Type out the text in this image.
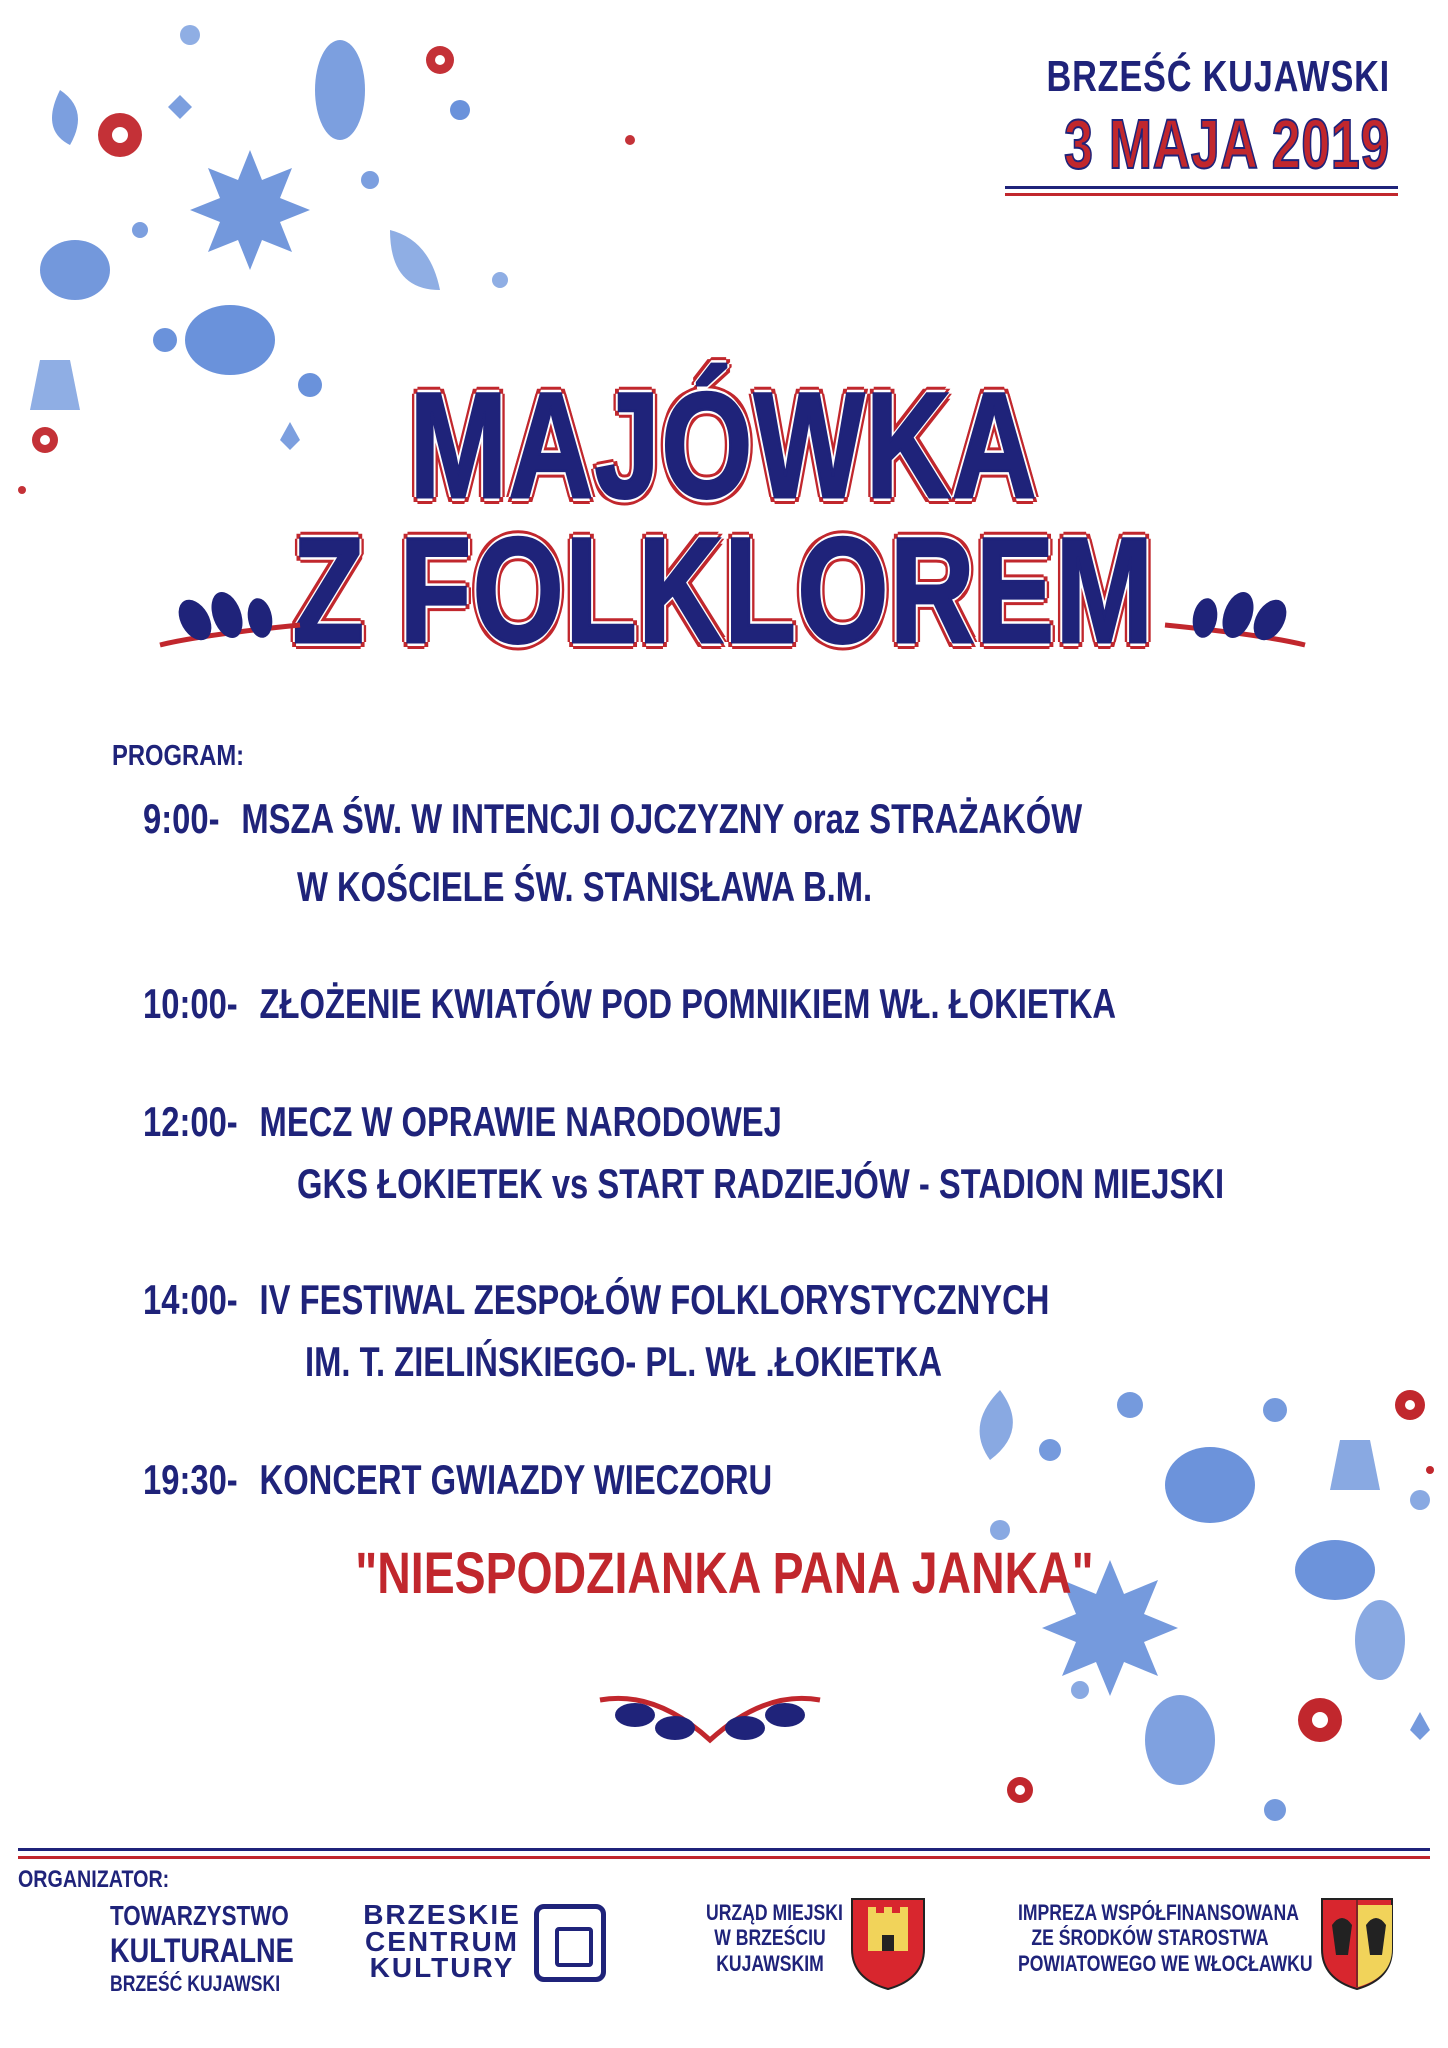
BRZEŚĆ KUJAWSKI
3 MAJA 2019
MAJÓWKA
Z FOLKLOREM
PROGRAM:
9:00- MSZA ŚW. W INTENCJI OJCZYZNY oraz STRAŻAKÓW
W KOŚCIELE ŚW. STANISŁAWA B.M.
10:00- ZŁOŻENIE KWIATÓW POD POMNIKIEM WŁ. ŁOKIETKA
12:00- MECZ W OPRAWIE NARODOWEJ
GKS ŁOKIETEK vs START RADZIEJÓW - STADION MIEJSKI
14:00- IV FESTIWAL ZESPOŁÓW FOLKLORYSTYCZNYCH
IM. T. ZIELIŃSKIEGO- PL. WŁ .ŁOKIETKA
19:30- KONCERT GWIAZDY WIECZORU
"NIESPODZIANKA PANA JANKA"
ORGANIZATOR:
TOWARZYSTWO
KULTURALNE
BRZEŚĆ KUJAWSKI
BRZESKIE
CENTRUM
KULTURY
URZĄD MIEJSKI
W BRZEŚCIU
KUJAWSKIM
IMPREZA WSPÓŁFINANSOWANA
ZE ŚRODKÓW STAROSTWA
POWIATOWEGO WE WŁOCŁAWKU
